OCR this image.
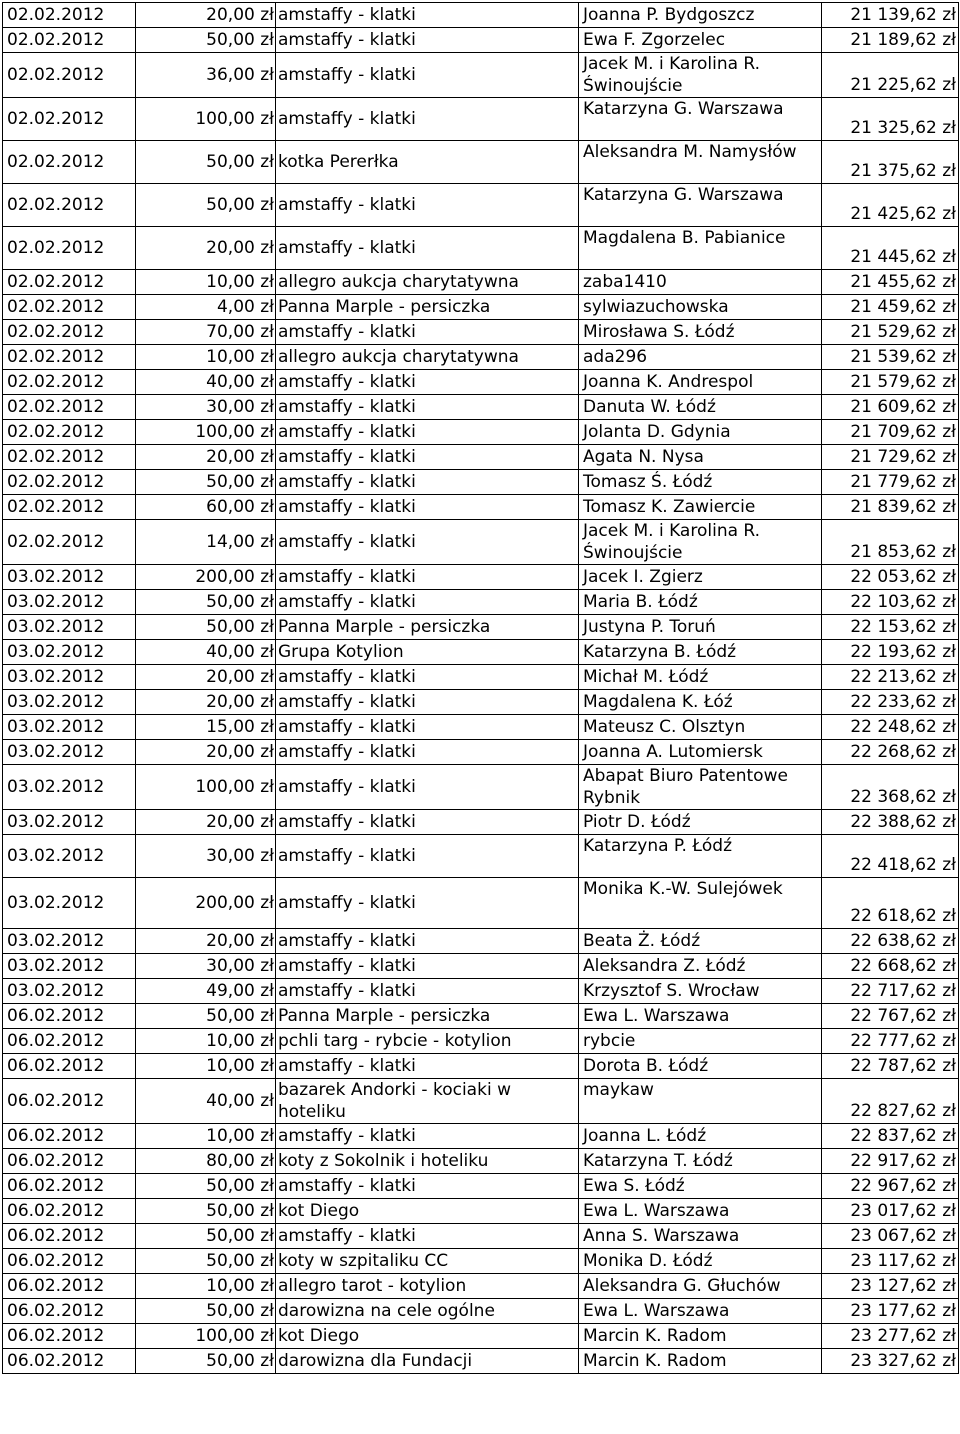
02.02.2012	20,00 zł	amstaffy - klatki	Joanna P. Bydgoszcz	21 139,62 zł
02.02.2012	50,00 zł	amstaffy - klatki	Ewa F. Zgorzelec	21 189,62 zł
02.02.2012	36,00 zł	amstaffy - klatki	Jacek M. i Karolina R. Świnoujście	21 225,62 zł
02.02.2012	100,00 zł	amstaffy - klatki	Katarzyna G. Warszawa	21 325,62 zł
02.02.2012	50,00 zł	kotka Pererłka	Aleksandra M. Namysłów	21 375,62 zł
02.02.2012	50,00 zł	amstaffy - klatki	Katarzyna G. Warszawa	21 425,62 zł
02.02.2012	20,00 zł	amstaffy - klatki	Magdalena B. Pabianice	21 445,62 zł
02.02.2012	10,00 zł	allegro aukcja charytatywna	zaba1410	21 455,62 zł
02.02.2012	4,00 zł	Panna Marple - persiczka	sylwiazuchowska	21 459,62 zł
02.02.2012	70,00 zł	amstaffy - klatki	Mirosława S. Łódź	21 529,62 zł
02.02.2012	10,00 zł	allegro aukcja charytatywna	ada296	21 539,62 zł
02.02.2012	40,00 zł	amstaffy - klatki	Joanna K. Andrespol	21 579,62 zł
02.02.2012	30,00 zł	amstaffy - klatki	Danuta W. Łódź	21 609,62 zł
02.02.2012	100,00 zł	amstaffy - klatki	Jolanta D. Gdynia	21 709,62 zł
02.02.2012	20,00 zł	amstaffy - klatki	Agata N. Nysa	21 729,62 zł
02.02.2012	50,00 zł	amstaffy - klatki	Tomasz Ś. Łódź	21 779,62 zł
02.02.2012	60,00 zł	amstaffy - klatki	Tomasz K. Zawiercie	21 839,62 zł
02.02.2012	14,00 zł	amstaffy - klatki	Jacek M. i Karolina R. Świnoujście	21 853,62 zł
03.02.2012	200,00 zł	amstaffy - klatki	Jacek I. Zgierz	22 053,62 zł
03.02.2012	50,00 zł	amstaffy - klatki	Maria B. Łódź	22 103,62 zł
03.02.2012	50,00 zł	Panna Marple - persiczka	Justyna P. Toruń	22 153,62 zł
03.02.2012	40,00 zł	Grupa Kotylion	Katarzyna B. Łódź	22 193,62 zł
03.02.2012	20,00 zł	amstaffy - klatki	Michał M. Łódź	22 213,62 zł
03.02.2012	20,00 zł	amstaffy - klatki	Magdalena K. Łóź	22 233,62 zł
03.02.2012	15,00 zł	amstaffy - klatki	Mateusz C. Olsztyn	22 248,62 zł
03.02.2012	20,00 zł	amstaffy - klatki	Joanna A. Lutomiersk	22 268,62 zł
03.02.2012	100,00 zł	amstaffy - klatki	Abapat Biuro Patentowe Rybnik	22 368,62 zł
03.02.2012	20,00 zł	amstaffy - klatki	Piotr D. Łódź	22 388,62 zł
03.02.2012	30,00 zł	amstaffy - klatki	Katarzyna P. Łódź	22 418,62 zł
03.02.2012	200,00 zł	amstaffy - klatki	Monika K.-W. Sulejówek	22 618,62 zł
03.02.2012	20,00 zł	amstaffy - klatki	Beata Ż. Łódź	22 638,62 zł
03.02.2012	30,00 zł	amstaffy - klatki	Aleksandra Z. Łódź	22 668,62 zł
03.02.2012	49,00 zł	amstaffy - klatki	Krzysztof S. Wrocław	22 717,62 zł
06.02.2012	50,00 zł	Panna Marple - persiczka	Ewa L. Warszawa	22 767,62 zł
06.02.2012	10,00 zł	pchli targ - rybcie - kotylion	rybcie	22 777,62 zł
06.02.2012	10,00 zł	amstaffy - klatki	Dorota B. Łódź	22 787,62 zł
06.02.2012	40,00 zł	bazarek Andorki - kociaki w hoteliku	maykaw	22 827,62 zł
06.02.2012	10,00 zł	amstaffy - klatki	Joanna L. Łódź	22 837,62 zł
06.02.2012	80,00 zł	koty z Sokolnik i hoteliku	Katarzyna T. Łódź	22 917,62 zł
06.02.2012	50,00 zł	amstaffy - klatki	Ewa S. Łódź	22 967,62 zł
06.02.2012	50,00 zł	kot Diego	Ewa L. Warszawa	23 017,62 zł
06.02.2012	50,00 zł	amstaffy - klatki	Anna S. Warszawa	23 067,62 zł
06.02.2012	50,00 zł	koty w szpitaliku CC	Monika D. Łódź	23 117,62 zł
06.02.2012	10,00 zł	allegro tarot - kotylion	Aleksandra G. Głuchów	23 127,62 zł
06.02.2012	50,00 zł	darowizna na cele ogólne	Ewa L. Warszawa	23 177,62 zł
06.02.2012	100,00 zł	kot Diego	Marcin K. Radom	23 277,62 zł
06.02.2012	50,00 zł	darowizna dla Fundacji	Marcin K. Radom	23 327,62 zł
